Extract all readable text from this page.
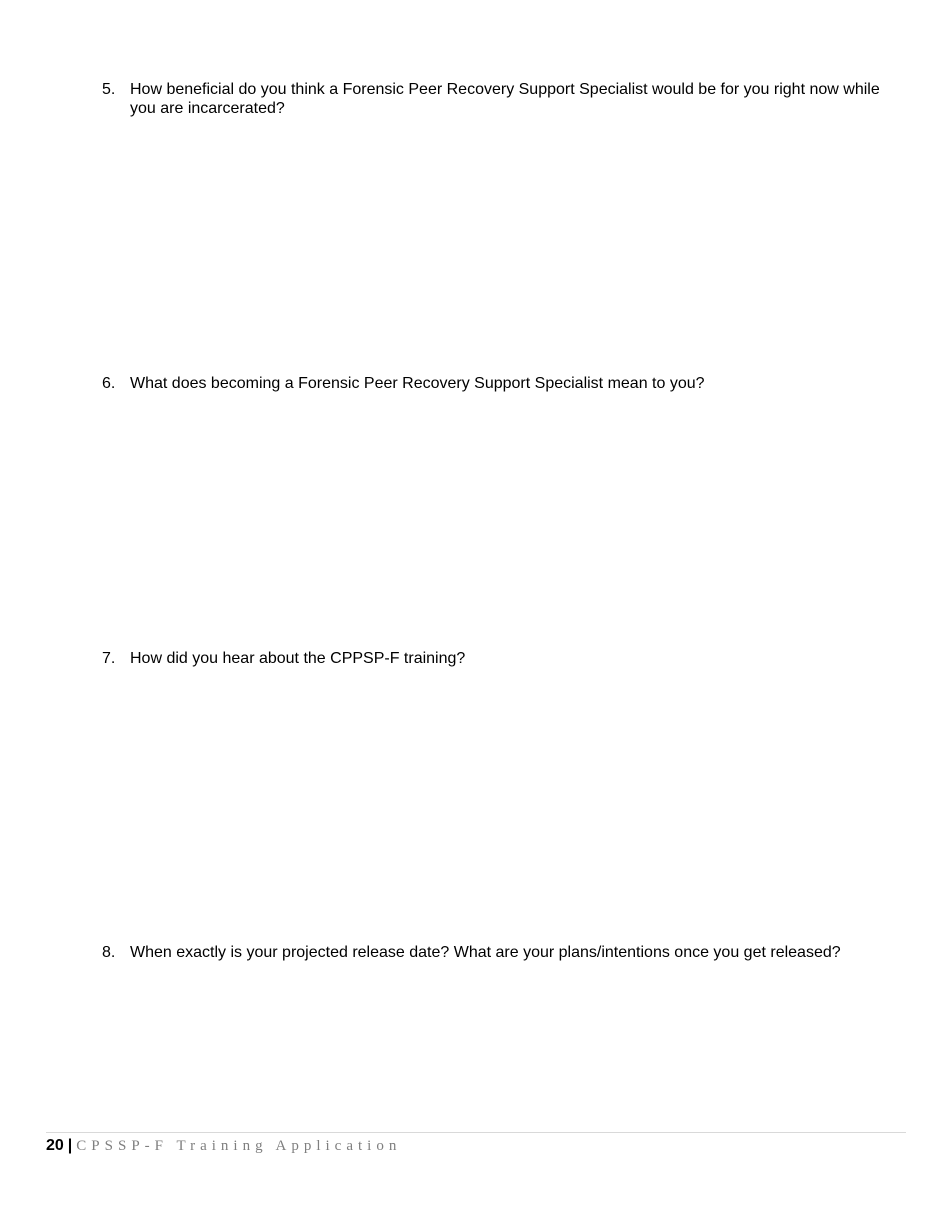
5. How beneficial do you think a Forensic Peer Recovery Support Specialist would be for you right now while you are incarcerated?
6. What does becoming a Forensic Peer Recovery Support Specialist mean to you?
7. How did you hear about the CPPSP-F training?
8. When exactly is your projected release date? What are your plans/intentions once you get released?
20 | CPSSP-F Training Application
